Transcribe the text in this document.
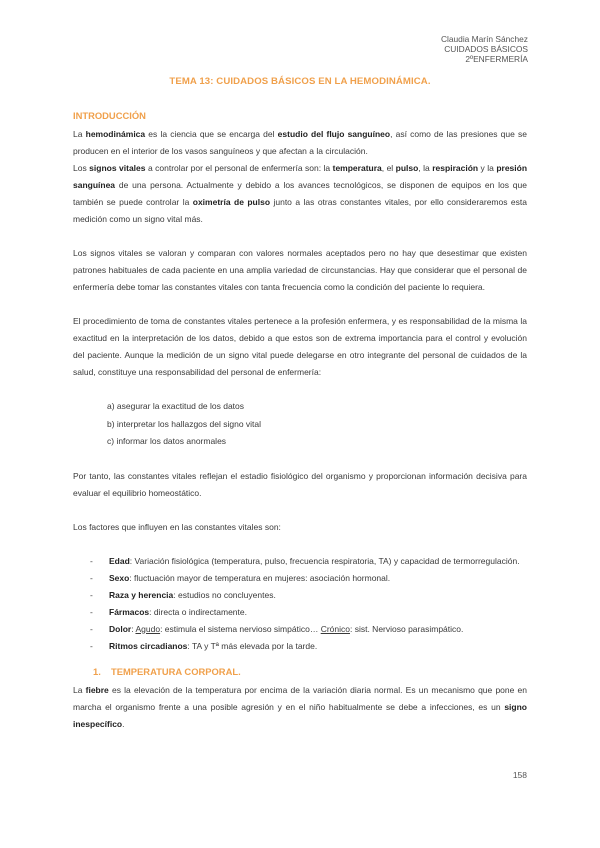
Claudia Marín Sánchez
CUIDADOS BÁSICOS
2ºENFERMERÍA
TEMA 13: CUIDADOS BÁSICOS EN LA HEMODINÁMICA.
INTRODUCCIÓN

La hemodinámica es la ciencia que se encarga del estudio del flujo sanguíneo, así como de las presiones que se producen en el interior de los vasos sanguíneos y que afectan a la circulación.

Los signos vitales a controlar por el personal de enfermería son: la temperatura, el pulso, la respiración y la presión sanguínea de una persona. Actualmente y debido a los avances tecnológicos, se disponen de equipos en los que también se puede controlar la oximetría de pulso junto a las otras constantes vitales, por ello consideraremos esta medición como un signo vital más.

Los signos vitales se valoran y comparan con valores normales aceptados pero no hay que desestimar que existen patrones habituales de cada paciente en una amplia variedad de circunstancias. Hay que considerar que el personal de enfermería debe tomar las constantes vitales con tanta frecuencia como la condición del paciente lo requiera.

El procedimiento de toma de constantes vitales pertenece a la profesión enfermera, y es responsabilidad de la misma la exactitud en la interpretación de los datos, debido a que estos son de extrema importancia para el control y evolución del paciente. Aunque la medición de un signo vital puede delegarse en otro integrante del personal de cuidados de la salud, constituye una responsabilidad del personal de enfermería:

a) asegurar la exactitud de los datos
b) interpretar los hallazgos del signo vital
c) informar los datos anormales

Por tanto, las constantes vitales reflejan el estadio fisiológico del organismo y proporcionan información decisiva para evaluar el equilibrio homeostático.

Los factores que influyen en las constantes vitales son:

- Edad: Variación fisiológica (temperatura, pulso, frecuencia respiratoria, TA) y capacidad de termorregulación.
- Sexo: fluctuación mayor de temperatura en mujeres: asociación hormonal.
- Raza y herencia: estudios no concluyentes.
- Fármacos: directa o indirectamente.
- Dolor: Agudo: estimula el sistema nervioso simpático… Crónico: sist. Nervioso parasimpático.
- Ritmos circadianos: TA y Tª más elevada por la tarde.
1. TEMPERATURA CORPORAL.

La fiebre es la elevación de la temperatura por encima de la variación diaria normal. Es un mecanismo que pone en marcha el organismo frente a una posible agresión y en el niño habitualmente se debe a infecciones, es un signo inespecífico.

158
